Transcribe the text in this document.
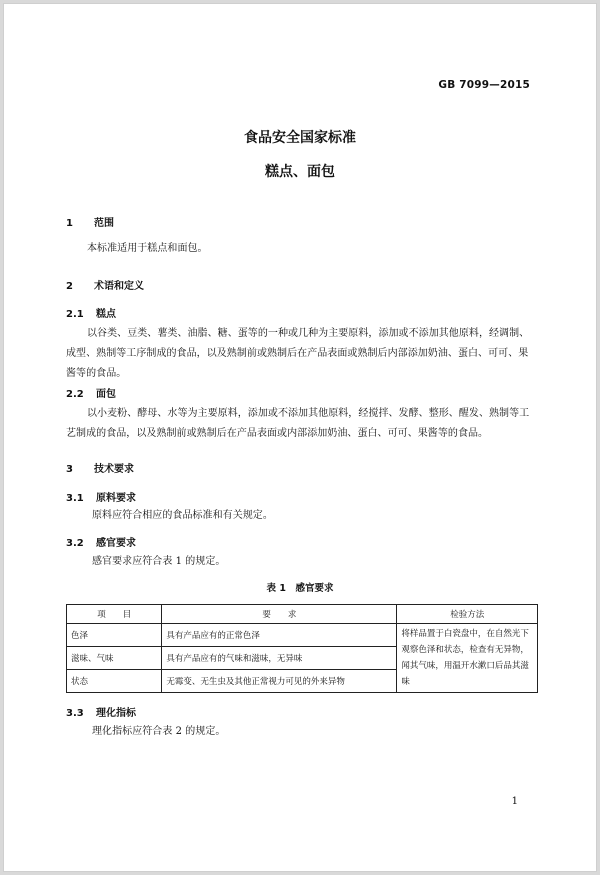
GB 7099—2015
食品安全国家标准
糕点、面包
1 范围
本标准适用于糕点和面包。
2 术语和定义
2.1 糕点
以谷类、豆类、薯类、油脂、糖、蛋等的一种或几种为主要原料，添加或不添加其他原料，经调制、成型、熟制等工序制成的食品，以及熟制前或熟制后在产品表面或熟制后内部添加奶油、蛋白、可可、果酱等的食品。
2.2 面包
以小麦粉、酵母、水等为主要原料，添加或不添加其他原料，经搅拌、发酵、整形、醒发、熟制等工艺制成的食品，以及熟制前或熟制后在产品表面或内部添加奶油、蛋白、可可、果酱等的食品。
3 技术要求
3.1 原料要求
原料应符合相应的食品标准和有关规定。
3.2 感官要求
感官要求应符合表 1 的规定。
表 1　感官要求
项　　目	要　　求	检验方法
色泽	具有产品应有的正常色泽	将样品置于白瓷盘中，在自然光下观察色泽和状态，检查有无异物，闻其气味，用温开水漱口后品其滋味
滋味、气味	具有产品应有的气味和滋味，无异味	
状态	无霉变、无生虫及其他正常视力可见的外来异物	
3.3 理化指标
理化指标应符合表 2 的规定。
1
